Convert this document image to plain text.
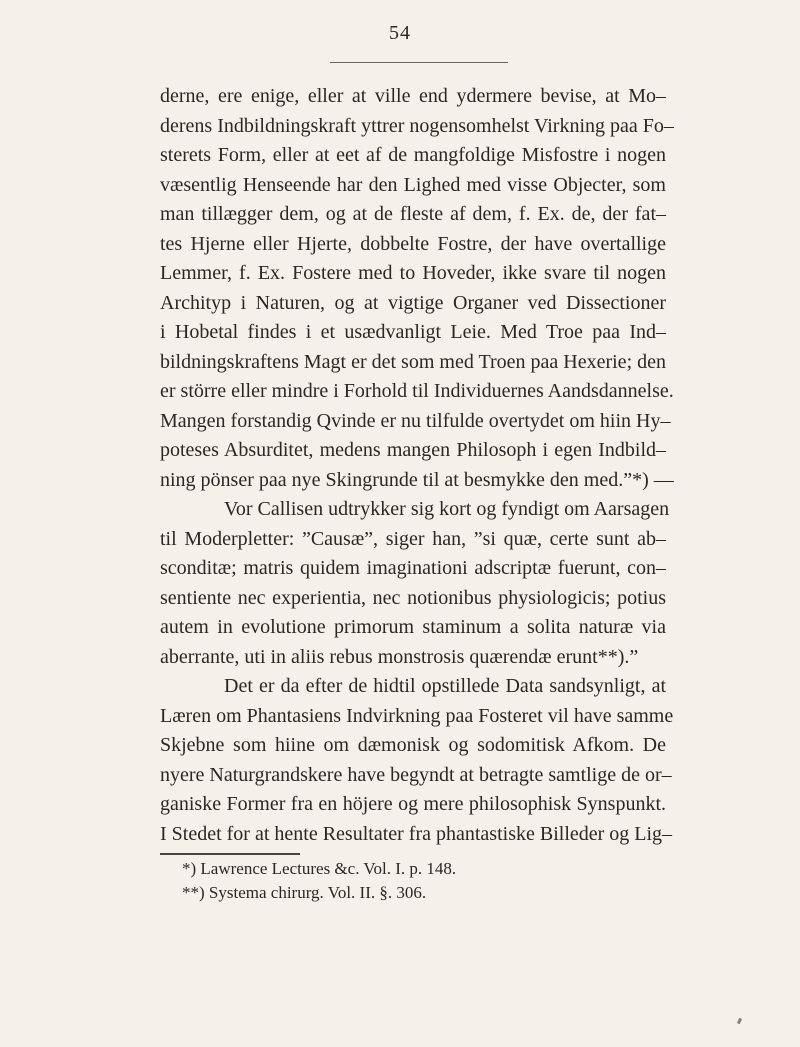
54
derne, ere enige, eller at ville end ydermere bevise, at Mo–
derens Indbildningskraft yttrer nogensomhelst Virkning paa Fo–
sterets Form, eller at eet af de mangfoldige Misfostre i nogen
væsentlig Henseende har den Lighed med visse Objecter, som
man tillægger dem, og at de fleste af dem, f. Ex. de, der fat–
tes Hjerne eller Hjerte, dobbelte Fostre, der have overtallige
Lemmer, f. Ex. Fostere med to Hoveder, ikke svare til nogen
Archityp i Naturen, og at vigtige Organer ved Dissectioner
i Hobetal findes i et usædvanligt Leie. Med Troe paa Ind–
bildningskraftens Magt er det som med Troen paa Hexerie; den
er större eller mindre i Forhold til Individuernes Aandsdannelse.
Mangen forstandig Qvinde er nu tilfulde overtydet om hiin Hy–
poteses Absurditet, medens mangen Philosoph i egen Indbild–
ning pönser paa nye Skingrunde til at besmykke den med.”*) —
Vor Callisen udtrykker sig kort og fyndigt om Aarsagen
til Moderpletter: ”Causæ”, siger han, ”si quæ, certe sunt ab–
sconditæ; matris quidem imaginationi adscriptæ fuerunt, con–
sentiente nec experientia, nec notionibus physiologicis; potius
autem in evolutione primorum staminum a solita naturæ via
aberrante, uti in aliis rebus monstrosis quærendæ erunt**).”
Det er da efter de hidtil opstillede Data sandsynligt, at
Læren om Phantasiens Indvirkning paa Fosteret vil have samme
Skjebne som hiine om dæmonisk og sodomitisk Afkom. De
nyere Naturgrandskere have begyndt at betragte samtlige de or–
ganiske Former fra en höjere og mere philosophisk Synspunkt.
I Stedet for at hente Resultater fra phantastiske Billeder og Lig–
*) Lawrence Lectures &c. Vol. I. p. 148.
**) Systema chirurg. Vol. II. §. 306.
